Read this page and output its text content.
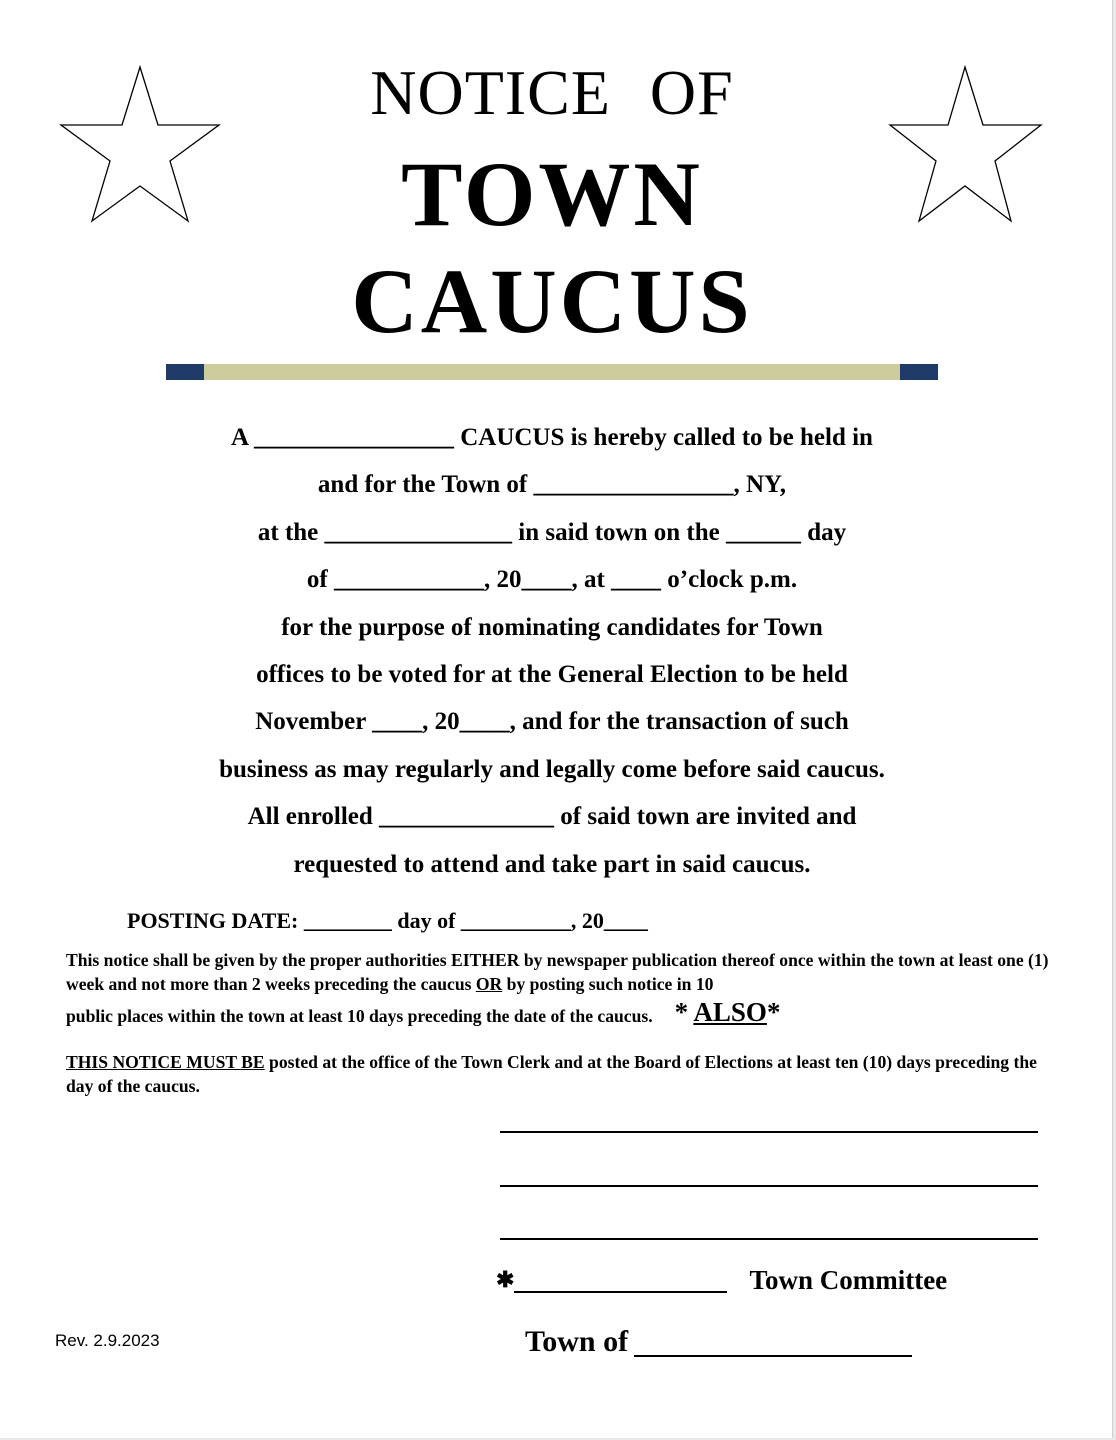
NOTICE OF
TOWN
CAUCUS
A ________________ CAUCUS is hereby called to be held in
and for the Town of ________________, NY,
at the _______________ in said town on the ______ day
of ____________, 20____, at ____ o’clock p.m.
for the purpose of nominating candidates for Town
offices to be voted for at the General Election to be held
November ____, 20____, and for the transaction of such
business as may regularly and legally come before said caucus.
All enrolled ______________ of said town are invited and
requested to attend and take part in said caucus.
POSTING DATE: ________ day of __________, 20____
This notice shall be given by the proper authorities EITHER by newspaper publication thereof once within the town at least one (1) week and not more than 2 weeks preceding the caucus OR by posting such notice in 10
public places within the town at least 10 days preceding the date of the caucus. * ALSO*
THIS NOTICE MUST BE posted at the office of the Town Clerk and at the Board of Elections at least ten (10) days preceding the day of the caucus.
✱	Town Committee
Town of
Rev. 2.9.2023
